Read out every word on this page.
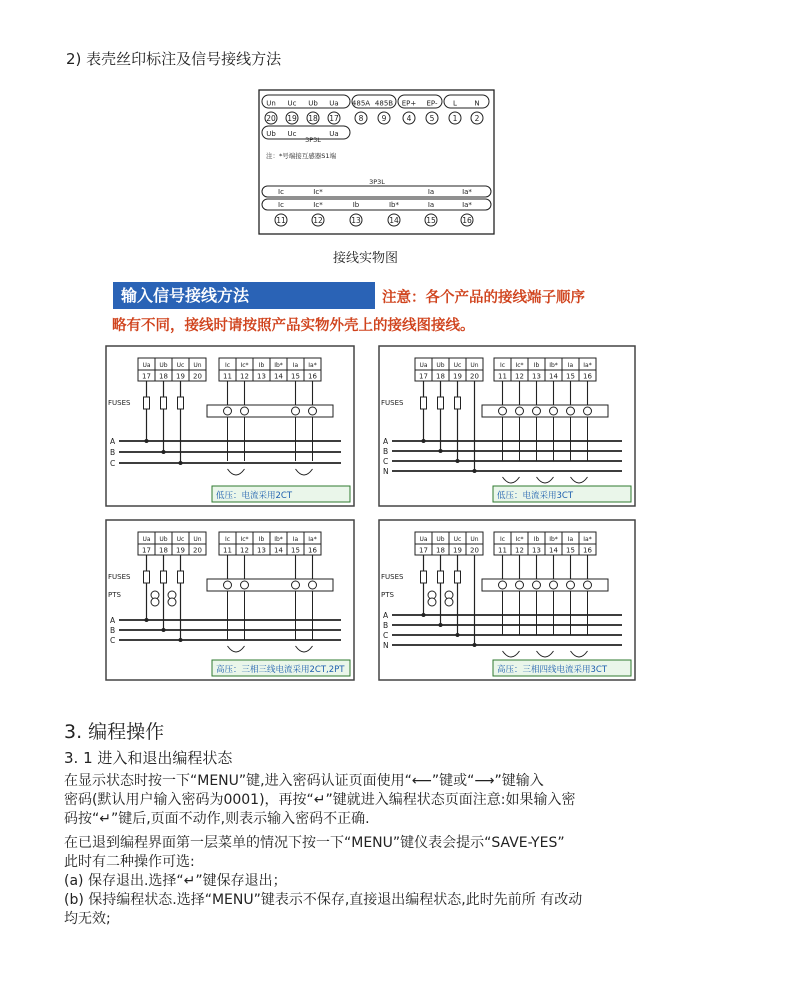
2) 表壳丝印标注及信号接线方法
Un Uc Ub Ua 485A 485B EP+ EP- L N
20 19 18 17	8 9	4 5 1 2
Ub Uc	Ua
3P3L
注：*号端接互感器S1端
3P3L
Ic	Ic*	Ia	Ia*
Ic	Ic*	Ib	Ib*	Ia	Ia*
11	12	13	14	15	16
接线实物图
输入信号接线方法	注意：各个产品的接线端子顺序
略有不同，接线时请按照产品实物外壳上的接线图接线。
Ua
17
Ub
18
Uc
19
Un
20
Ic
11
Ic*
12
Ib
13
Ib*
14
Ia
15
Ia*
16
A
B
C
FUSES
低压：电流采用2CT
Ua
17
Ub
18
Uc
19
Un
20
Ic
11
Ic*
12
Ib
13
Ib*
14
Ia
15
Ia*
16
A
B
C
N
FUSES
低压：电流采用3CT
Ua
17
Ub
18
Uc
19
Un
20
Ic
11
Ic*
12
Ib
13
Ib*
14
Ia
15
Ia*
16
A
B
C
FUSES
PTS
高压：三相三线电流采用2CT,2PT
Ua
17
Ub
18
Uc
19
Un
20
Ic
11
Ic*
12
Ib
13
Ib*
14
Ia
15
Ia*
16
A
B
C
N
FUSES
PTS
高压：三相四线电流采用3CT
3. 编程操作
3. 1 进入和退出编程状态
在显示状态时按一下“MENU”键,进入密码认证页面使用“⟵”键或“⟶”键输入
密码(默认用户输入密码为0001)，再按“↵”键就进入编程状态页面注意:如果输入密
码按“↵”键后,页面不动作,则表示输入密码不正确.
在已退到编程界面第一层菜单的情况下按一下“MENU”键仪表会提示“SAVE-YES”
此时有二种操作可选:
(a) 保存退出.选择“↵”键保存退出；
(b) 保持编程状态.选择“MENU”键表示不保存,直接退出编程状态,此时先前所 有改动
均无效;
